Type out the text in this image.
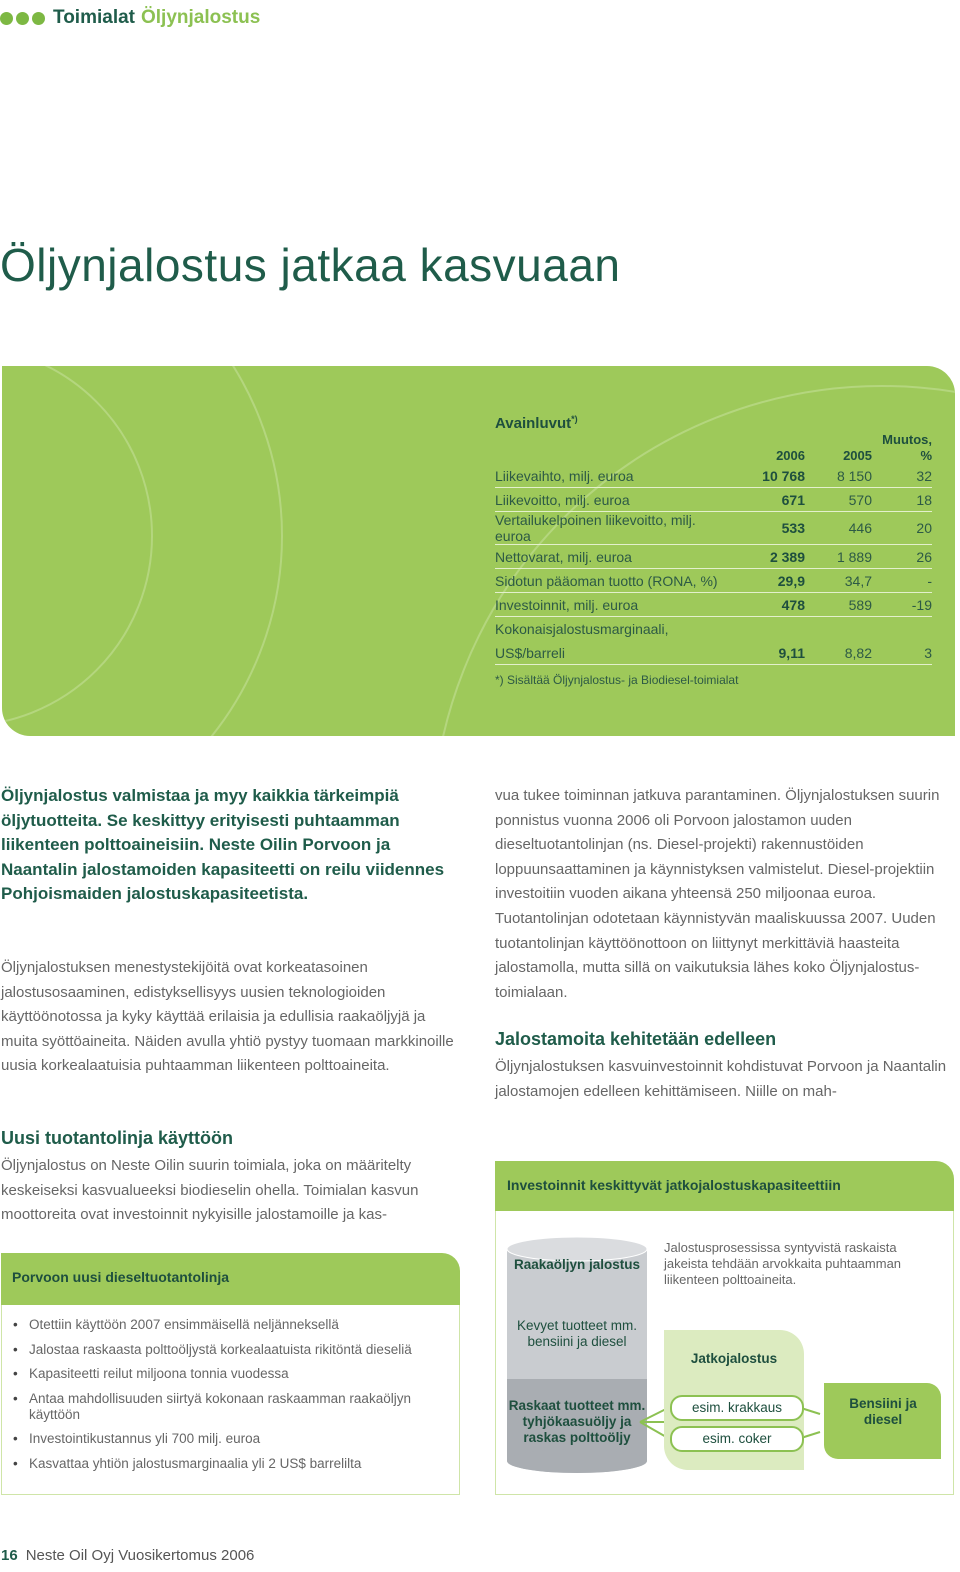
Toimialat Öljynjalostus
Öljynjalostus jatkaa kasvuaan
Avainluvut*)
	2006	2005	Muutos, %
Liikevaihto, milj. euroa	10 768	8 150	32
Liikevoitto, milj. euroa	671	570	18
Vertailukelpoinen liikevoitto, milj. euroa	533	446	20
Nettovarat, milj. euroa	2 389	1 889	26
Sidotun pääoman tuotto (RONA, %)	29,9	34,7	-
Investoinnit, milj. euroa	478	589	-19
Kokonaisjalostusmarginaali,			
US$/barreli	9,11	8,82	3
*) Sisältää Öljynjalostus- ja Biodiesel-toimialat
Öljynjalostus valmistaa ja myy kaikkia tärkeimpiä öljytuotteita. Se keskittyy erityisesti puhtaamman liikenteen polttoaineisiin. Neste Oilin Porvoon ja Naantalin jalostamoiden kapasiteetti on reilu viidennes Pohjoismaiden jalostuskapasiteetista.
Öljynjalostuksen menestystekijöitä ovat korkeatasoinen jalostusosaaminen, edistyksellisyys uusien teknologioiden käyttöönotossa ja kyky käyttää erilaisia ja edullisia raakaöljyjä ja muita syöttöaineita. Näiden avulla yhtiö pystyy tuomaan markkinoille uusia korkealaatuisia puhtaamman liikenteen polttoaineita.
Uusi tuotantolinja käyttöön
Öljynjalostus on Neste Oilin suurin toimiala, joka on määritelty keskeiseksi kasvualueeksi biodieselin ohella. Toimialan kasvun moottoreita ovat investoinnit nykyisille jalostamoille ja kas-
vua tukee toiminnan jatkuva parantaminen. Öljynjalostuksen suurin ponnistus vuonna 2006 oli Porvoon jalostamon uuden dieseltuotantolinjan (ns. Diesel-projekti) rakennustöiden loppuunsaattaminen ja käynnistyksen valmistelut. Diesel-projektiin investoitiin vuoden aikana yhteensä 250 miljoonaa euroa. Tuotantolinjan odotetaan käynnistyvän maaliskuussa 2007. Uuden tuotantolinjan käyttöönottoon on liittynyt merkittäviä haasteita jalostamolla, mutta sillä on vaikutuksia lähes koko Öljynjalostus-toimialaan.
Jalostamoita kehitetään edelleen
Öljynjalostuksen kasvuinvestoinnit kohdistuvat Porvoon ja Naantalin jalostamojen edelleen kehittämiseen. Niille on mah-
Porvoon uusi dieseltuotantolinja
• Otettiin käyttöön 2007 ensimmäisellä neljänneksellä
• Jalostaa raskaasta polttoöljystä korkealaatuista rikitöntä dieseliä
• Kapasiteetti reilut miljoona tonnia vuodessa
• Antaa mahdollisuuden siirtyä kokonaan raskaamman raakaöljyn käyttöön
• Investointikustannus yli 700 milj. euroa
• Kasvattaa yhtiön jalostusmarginaalia yli 2 US$ barrelilta
Investoinnit keskittyvät jatkojalostuskapasiteettiin
Raakaöljyn jalostus
Kevyet tuotteet mm. bensiini ja diesel
Raskaat tuotteet mm. tyhjökaasuöljy ja raskas polttoöljy
Jalostusprosessissa syntyvistä raskaista jakeista tehdään arvokkaita puhtaamman liikenteen polttoaineita.
Jatkojalostus
esim. krakkaus
esim. coker
Bensiini ja diesel
16 Neste Oil Oyj Vuosikertomus 2006
